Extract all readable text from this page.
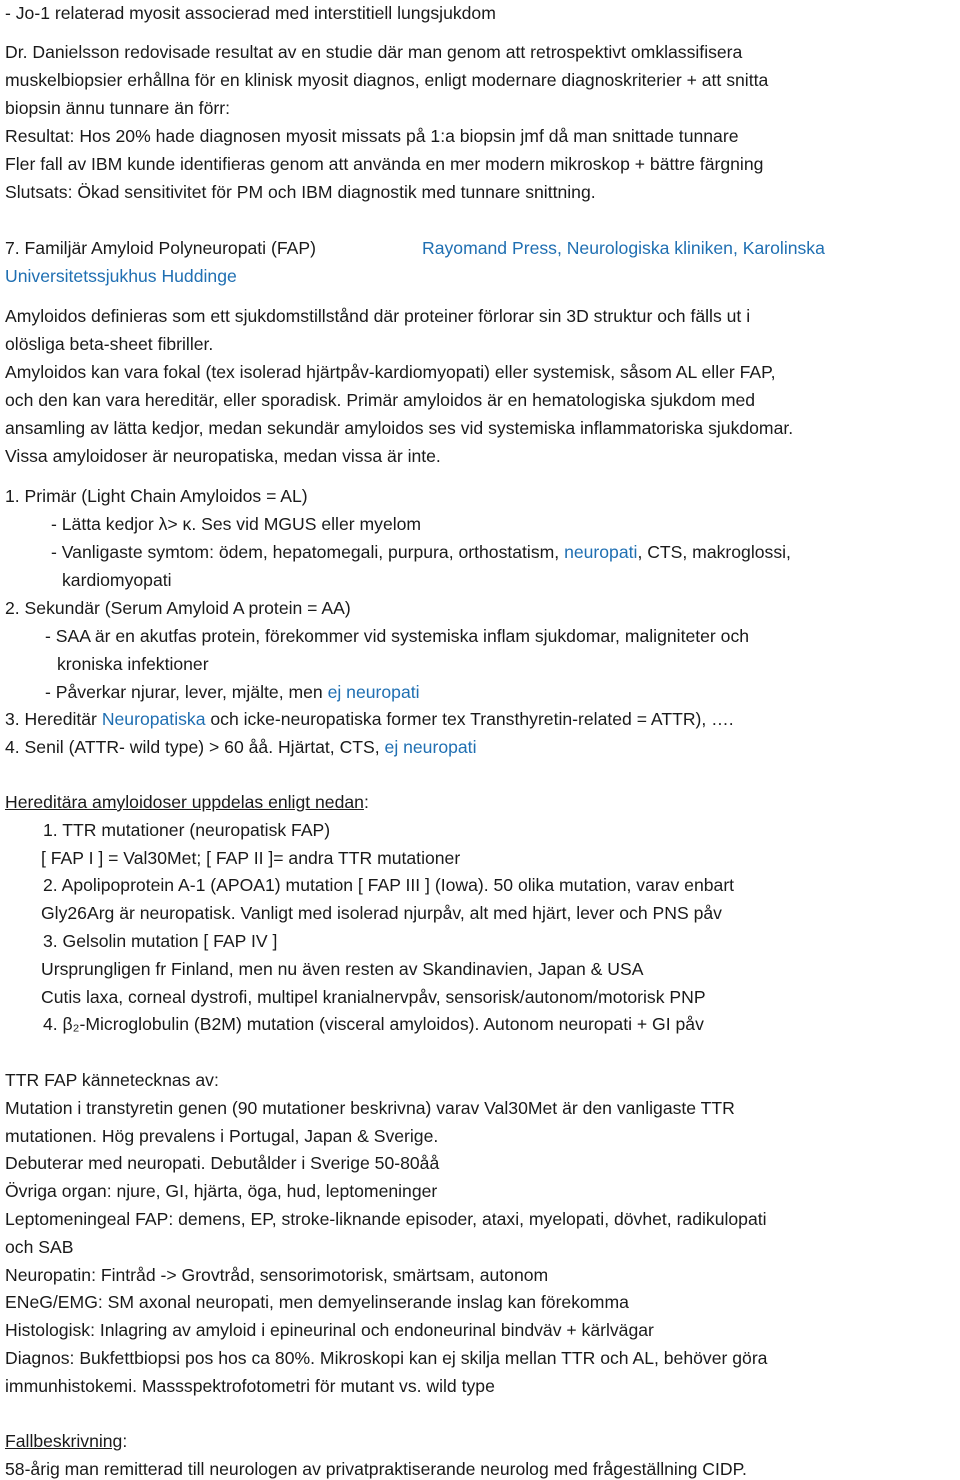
- Jo-1 relaterad myosit associerad med interstitiell lungsjukdom
Dr. Danielsson redovisade resultat av en studie där man genom att retrospektivt omklassifisera
muskelbiopsier erhållna för en klinisk myosit diagnos, enligt modernare diagnoskriterier + att snitta
biopsin ännu tunnare än förr:
Resultat: Hos 20% hade diagnosen myosit missats på 1:a biopsin jmf då man snittade tunnare
Fler fall av IBM kunde identifieras genom att använda en mer modern mikroskop + bättre färgning
Slutsats: Ökad sensitivitet för PM och IBM diagnostik med tunnare snittning.
7. Familjär Amyloid Polyneuropati (FAP)	Rayomand Press, Neurologiska kliniken, Karolinska
Universitetssjukhus Huddinge
Amyloidos definieras som ett sjukdomstillstånd där proteiner förlorar sin 3D struktur och fälls ut i
olösliga beta-sheet fibriller.
Amyloidos kan vara fokal (tex isolerad hjärtpåv-kardiomyopati) eller systemisk, såsom AL eller FAP,
och den kan vara hereditär, eller sporadisk. Primär amyloidos är en hematologiska sjukdom med
ansamling av lätta kedjor, medan sekundär amyloidos ses vid systemiska inflammatoriska sjukdomar.
Vissa amyloidoser är neuropatiska, medan vissa är inte.
1. Primär (Light Chain Amyloidos = AL)
- Lätta kedjor λ> κ. Ses vid MGUS eller myelom
- Vanligaste symtom: ödem, hepatomegali, purpura, orthostatism, neuropati, CTS, makroglossi,
kardiomyopati
2. Sekundär (Serum Amyloid A protein = AA)
- SAA är en akutfas protein, förekommer vid systemiska inflam sjukdomar, maligniteter och
kroniska infektioner
- Påverkar njurar, lever, mjälte, men ej neuropati
3. Hereditär Neuropatiska och icke-neuropatiska former tex Transthyretin-related = ATTR), ….
4. Senil (ATTR- wild type) > 60 åå. Hjärtat, CTS, ej neuropati
Hereditära amyloidoser uppdelas enligt nedan:
1. TTR mutationer (neuropatisk FAP)
[ FAP I ] = Val30Met; [ FAP II ]= andra TTR mutationer
2. Apolipoprotein A-1 (APOA1) mutation [ FAP III ] (Iowa). 50 olika mutation, varav enbart
Gly26Arg är neuropatisk. Vanligt med isolerad njurpåv, alt med hjärt, lever och PNS påv
3. Gelsolin mutation [ FAP IV ]
Ursprungligen fr Finland, men nu även resten av Skandinavien, Japan & USA
Cutis laxa, corneal dystrofi, multipel kranialnervpåv, sensorisk/autonom/motorisk PNP
4. β₂-Microglobulin (B2M) mutation (visceral amyloidos). Autonom neuropati + GI påv
TTR FAP kännetecknas av:
Mutation i transtyretin genen (90 mutationer beskrivna) varav Val30Met är den vanligaste TTR
mutationen. Hög prevalens i Portugal, Japan & Sverige.
Debuterar med neuropati. Debutålder i Sverige 50-80åå
Övriga organ: njure, GI, hjärta, öga, hud, leptomeninger
Leptomeningeal FAP: demens, EP, stroke-liknande episoder, ataxi, myelopati, dövhet, radikulopati
och SAB
Neuropatin: Fintråd -> Grovtråd, sensorimotorisk, smärtsam, autonom
ENeG/EMG: SM axonal neuropati, men demyelinserande inslag kan förekomma
Histologisk: Inlagring av amyloid i epineurinal och endoneurinal bindväv + kärlvägar
Diagnos: Bukfettbiopsi pos hos ca 80%. Mikroskopi kan ej skilja mellan TTR och AL, behöver göra
immunhistokemi. Massspektrofotometri för mutant vs. wild type
Fallbeskrivning:
58-årig man remitterad till neurologen av privatpraktiserande neurolog med frågeställning CIDP.
